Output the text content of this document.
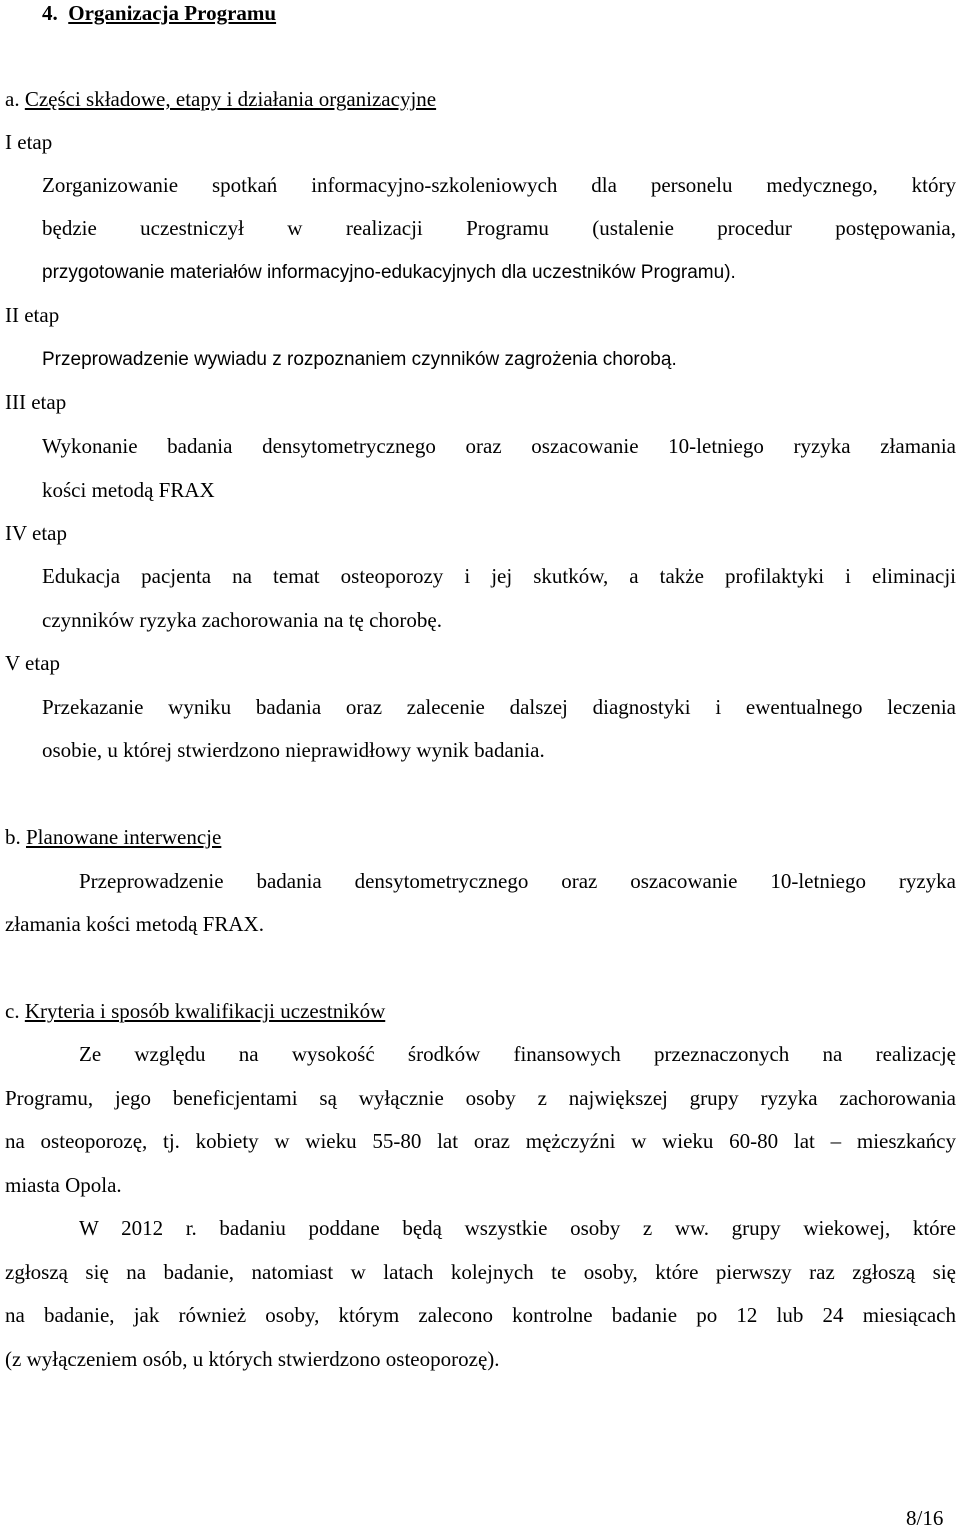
4. Organizacja Programu
a. Części składowe, etapy i działania organizacyjne
I etap
Zorganizowanie spotkań informacyjno-szkoleniowych dla personelu medycznego, który
będzie uczestniczył w realizacji Programu (ustalenie procedur postępowania,
przygotowanie materiałów informacyjno-edukacyjnych dla uczestników Programu).
II etap
Przeprowadzenie wywiadu z rozpoznaniem czynników zagrożenia chorobą.
III etap
Wykonanie badania densytometrycznego oraz oszacowanie 10-letniego ryzyka złamania
kości metodą FRAX
IV etap
Edukacja pacjenta na temat osteoporozy i jej skutków, a także profilaktyki i eliminacji
czynników ryzyka zachorowania na tę chorobę.
V etap
Przekazanie wyniku badania oraz zalecenie dalszej diagnostyki i ewentualnego leczenia
osobie, u której stwierdzono nieprawidłowy wynik badania.
b. Planowane interwencje
Przeprowadzenie badania densytometrycznego oraz oszacowanie 10-letniego ryzyka
złamania kości metodą FRAX.
c. Kryteria i sposób kwalifikacji uczestników
Ze względu na wysokość środków finansowych przeznaczonych na realizację
Programu, jego beneficjentami są wyłącznie osoby z największej grupy ryzyka zachorowania
na osteoporozę, tj. kobiety w wieku 55-80 lat oraz mężczyźni w wieku 60-80 lat – mieszkańcy
miasta Opola.
W 2012 r. badaniu poddane będą wszystkie osoby z ww. grupy wiekowej, które
zgłoszą się na badanie, natomiast w latach kolejnych te osoby, które pierwszy raz zgłoszą się
na badanie, jak również osoby, którym zalecono kontrolne badanie po 12 lub 24 miesiącach
(z wyłączeniem osób, u których stwierdzono osteoporozę).
8/16
